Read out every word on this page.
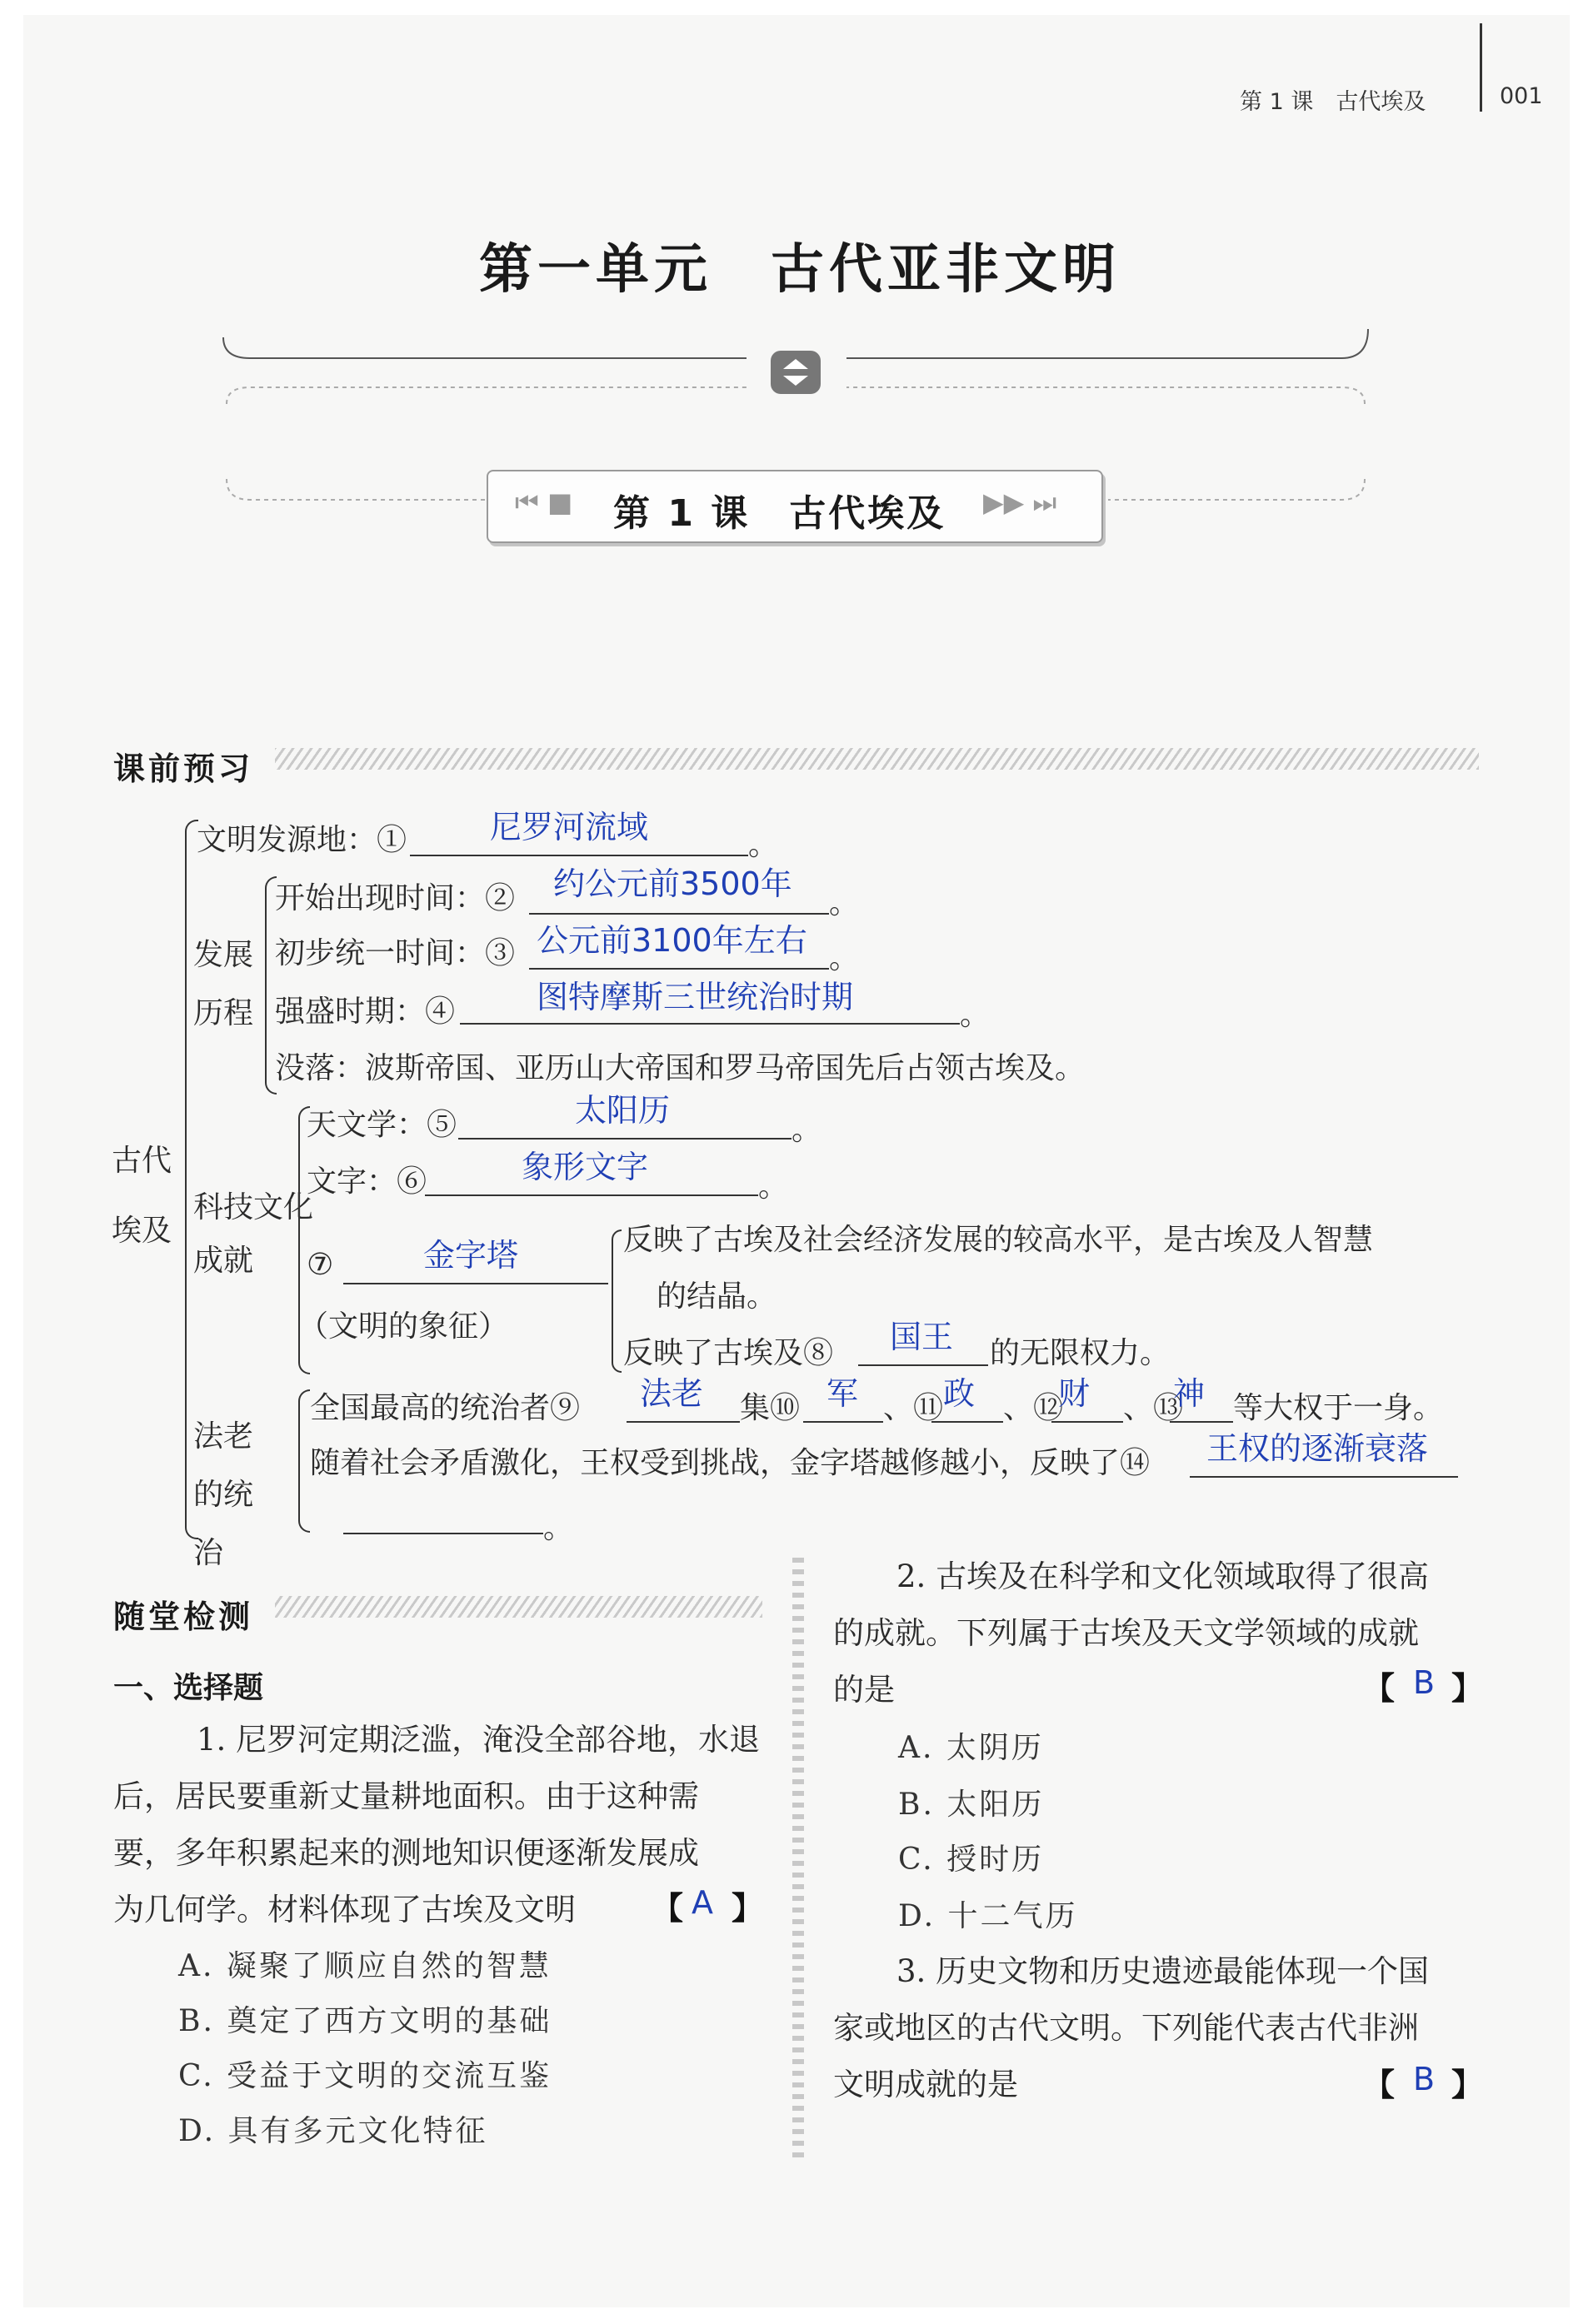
第 1 课　古代埃及	001
第一单元　古代亚非文明
⏮ ■ 第 1 课　古代埃及 ▶▶ ⏭
课前预习
古代埃及
文明发源地：①	尼罗河流域	。
发展历程
开始出现时间：② 约公元前3500年
。
初步统一时间：③ 公元前3100年左右 。
强盛时期：④	图特摩斯三世统治时期	。
没落：波斯帝国、亚历山大帝国和罗马帝国先后占领古埃及。
科技文化成就
天文学：⑤	太阳历
。
文字：⑥	象形文字
。
⑦	金字塔
（文明的象征）
反映了古埃及社会经济发展的较高水平，是古埃及人智慧
的结晶。
反映了古埃及⑧ 国王 的无限权力。
法老的统治
全国最高的统治者⑨ 法老 集⑩ 军 、⑪ 政 、⑫
财 、⑬
神 等大权于一身。
随着社会矛盾激化，王权受到挑战，金字塔越修越小，反映了⑭ 王权的逐渐衰落
。
随堂检测
一、选择题
1. 尼罗河定期泛滥，淹没全部谷地，水退
后，居民要重新丈量耕地面积。由于这种需
要，多年积累起来的测地知识便逐渐发展成
为几何学。材料体现了古埃及文明 【 A 】
A. 凝聚了顺应自然的智慧
B. 奠定了西方文明的基础
C. 受益于文明的交流互鉴
D. 具有多元文化特征
2. 古埃及在科学和文化领域取得了很高
的成就。下列属于古埃及天文学领域的成就
的是	【 B 】
A. 太阴历
B. 太阳历
C. 授时历
D. 十二气历
3. 历史文物和历史遗迹最能体现一个国
家或地区的古代文明。下列能代表古代非洲
文明成就的是	【 B 】
